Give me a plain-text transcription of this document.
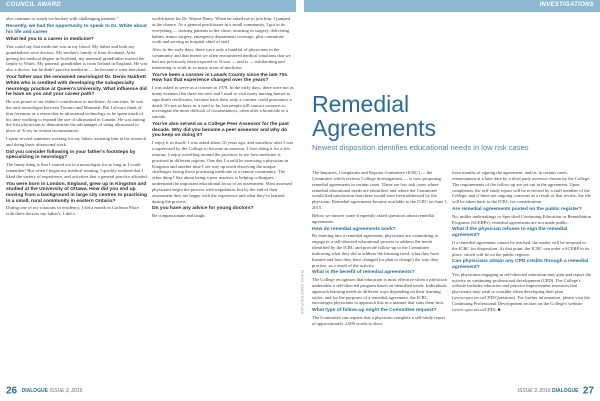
COUNCIL AWARD	INVESTIGATIONS

also continue to watch ice hockey with challenging patients."

Recently, we had the opportunity to speak to Dr. White about his life and career
What led you to a career in medicine?

You could say that medicine was in my blood. My father and both my grandfathers were doctors. My mother's family is from Scotland. After getting his medical degree in Scotland, my maternal grandfather moved the family to Wales. My paternal grandfather is from Ireland in England. He was also a doctor, but he didn't practise medicine — he became a wine merchant.

Your father was the renowned neurologist Dr. Denis Naldrett White who is credited with developing the subspecialty neurology practice at Queen's University. What influence did he have on you and your career path?

He was proud of our father's contribution to medicine. At one time, he was the only neurologist between Toronto and Montreal. But I always think of him foremost as a researcher in ultrasound technology as he spent much of his time working to expand the use of ultrasound in Canada. He was among the first physicians to demonstrate the advantages of using ultrasound in place of X-ray in certain circumstances.

I spent several summers working for my father, assisting him in his research and doing basic ultrasound work.

Did you consider following in your father's footsteps by specializing in neurology?

The funny thing is that I started out in a neurologist for as long as I could remember! But when I began my medical training, I quickly realized that I liked the variety of experience, and activities that a general practice afforded.

You were born in London, England, grew up in Kingston and studied at the University of Ottawa. How did you end up moving from a background in large city centres to practising in a small, rural community in eastern Ontario?

During one of my rotations in residency, I did a month in Carleton Place with three doctors my father's. I did a

worldchaser for Dr. Wayne Barry. When he asked me to join him, I jumped at the chance. As a general practitioner in a small community, I got to do everything — treating patients in the clinic, assisting in surgery, delivering babies, minor surgery, emergency department coverage, plus committee work and serving as hospital chief of staff.

Also, in the early days, there were only a handful of physicians in the community and that meant we often encountered medical situations that we had not previously been exposed to. It was — and is — exhilarating and interesting to work in so many areas of medicine.

You've been a coroner in Lanark County since the late 70s. How has that experience changed over the years?

I was asked to serve as a coroner in 1978. In the early days, there were not as many avenues that there are now and I used to visit many nursing homes to sign death certificates, because back then, only a coroner could pronounce a death. It's not as busy as it used to be, but people still contact coroners to investigate the more difficult of circumstances, often after a homicide or a suicide.

You've also served as a College Peer Assessor for the past decade. Why did you become a peer assessor and why do you keep on doing it?

I enjoy it so much! I was asked about 10 years ago, and somehow after I was a supervised by the College to become an assessor. I love doing it for a few reasons. I enjoy travelling around the province to see how medicine is practised in different regions. One day I would be assessing a physician in Kingston and another time I see way up north observing the unique challenges facing those practising medicine in a remote community. The other thing I like about being a peer assessor is helping colleagues understand the important educational focus of an assessment. Most assessed physicians begin the process with trepidation, but by the end of their assessment they are happy with the experience and what they've learned during the process.

Do you have any advice for young doctors?

Be compassionate and laugh.

PHOTO: CARLETON PLACE
Remedial
Agreements
Newest disposition identifies educational needs in low risk cases

The Inquiries, Complaints and Reports Committee (ICRC) — the Committee which reviews College investigations — is now proposing remedial agreements in certain cases. These are low risk cases where remedial educational needs are identified, and where the Committee would find satisfaction that these would have been addressed by the physician. Remedial agreements became available to the ICRC on June 1, 2015.

Below we answer some frequently asked questions about remedial agreements.

How do remedial agreements work?

By entering into a remedial agreement, physicians are committing to engage in a self-directed educational process to address the needs identified by the ICRC and provide follow-up to the Committee indicating what they did to address the learning need, what they have learned and how they have changed (or plan to change) the way they practise, as a result of the activity.

What is the benefit of remedial agreements?

The College recognizes that education is most effective when a physician undertakes a self-directed program based on identified needs. Individuals approach learning needs in different ways depending on their learning styles, and for the purposes of a remedial agreement, the ICRC encourages physicians to approach this in a manner that suits them best.

What type of follow-up might the Committee request?

The Committee can request that a physician complete a self-study report of approximately 2,000 words to draw

from months of signing the agreement, and/or, in certain cases, reassessment at a later date by a third party assessor chosen by the College. The requirements of the follow-up are set out in the agreement. Upon completion, the self-study report will be reviewed by a staff member of the College, and if there are ongoing concerns as a result of that review, the file will be taken back to the ICRC for consideration.

Are remedial agreements posted on the public register?

No, unlike undertakings or Specified Continuing Education or Remediation Programs (SCERPs), remedial agreements are not made public.

What if the physician refuses to sign the remedial agreement?

If a remedial agreement cannot be reached, the matter will be returned to the ICRC for disposition. At that point, the ICRC can order a SCERP in its place, which will be on the public register.

Can physicians obtain any CPD credits through a remedial agreement?

Yes, physicians engaging in self-directed education may gain and report the activity as continuing professional development (CPD). The College's website includes education and practice improvement resources that physicians may wish to consider when developing their plan (www.cpso.on.ca/CPD/Questions). For further information, please visit the Continuing Professional Development section on the College's website (www.cpso.on.ca/CPD). ■

26 DIALOGUE ISSUE 3, 2016	ISSUE 3, 2016 DIALOGUE 27
